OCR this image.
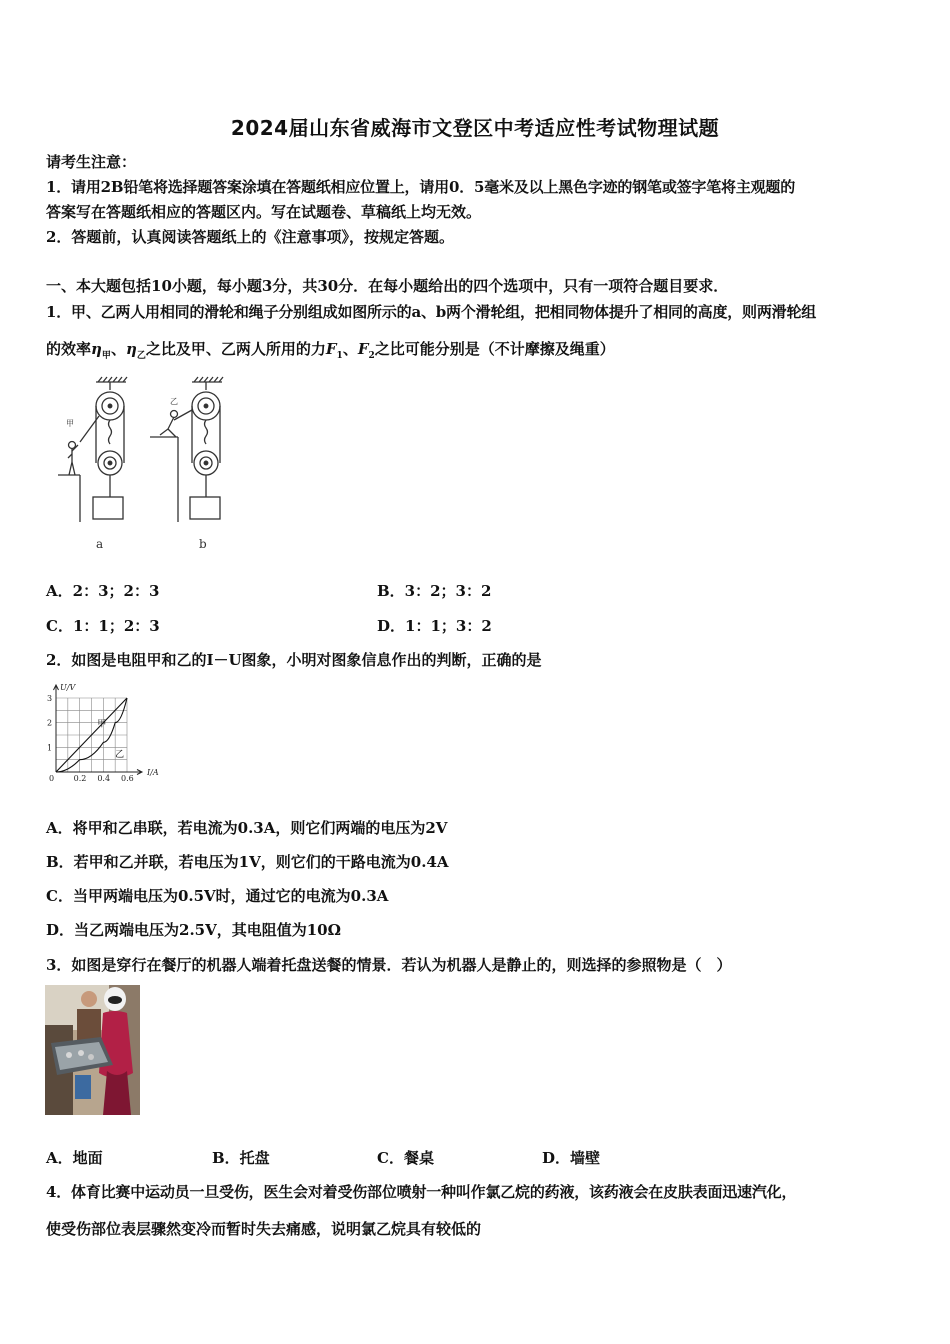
2024届山东省威海市文登区中考适应性考试物理试题
请考生注意：
1．请用2B铅笔将选择题答案涂填在答题纸相应位置上，请用0．5毫米及以上黑色字迹的钢笔或签字笔将主观题的
答案写在答题纸相应的答题区内。写在试题卷、草稿纸上均无效。
2．答题前，认真阅读答题纸上的《注意事项》，按规定答题。
一、本大题包括10小题，每小题3分，共30分．在每小题给出的四个选项中，只有一项符合题目要求．
1．甲、乙两人用相同的滑轮和绳子分别组成如图所示的a、b两个滑轮组，把相同物体提升了相同的高度，则两滑轮组
的效率$\eta_甲$、$\eta_乙$之比及甲、乙两人所用的力$F_1$、$F_2$之比可能分别是（不计摩擦及绳重）
甲
乙
a	b
A．2：3；2：3	B．3：2；3：2
C．1：1；2：3	D．1：1；3：2
2．如图是电阻甲和乙的I－U图象，小明对图象信息作出的判断，正确的是
0 0.2 0.4 0.6
1
2
3
甲
乙
U/V
I/A
A．将甲和乙串联，若电流为0.3A，则它们两端的电压为2V
B．若甲和乙并联，若电压为1V，则它们的干路电流为0.4A
C．当甲两端电压为0.5V时，通过它的电流为0.3A
D．当乙两端电压为2.5V，其电阻值为10Ω
3．如图是穿行在餐厅的机器人端着托盘送餐的情景．若认为机器人是静止的，则选择的参照物是（　）
A．地面	B．托盘	C．餐桌	D．墙壁
4．体育比赛中运动员一旦受伤，医生会对着受伤部位喷射一种叫作氯乙烷的药液，该药液会在皮肤表面迅速汽化，
使受伤部位表层骤然变冷而暂时失去痛感，说明氯乙烷具有较低的
